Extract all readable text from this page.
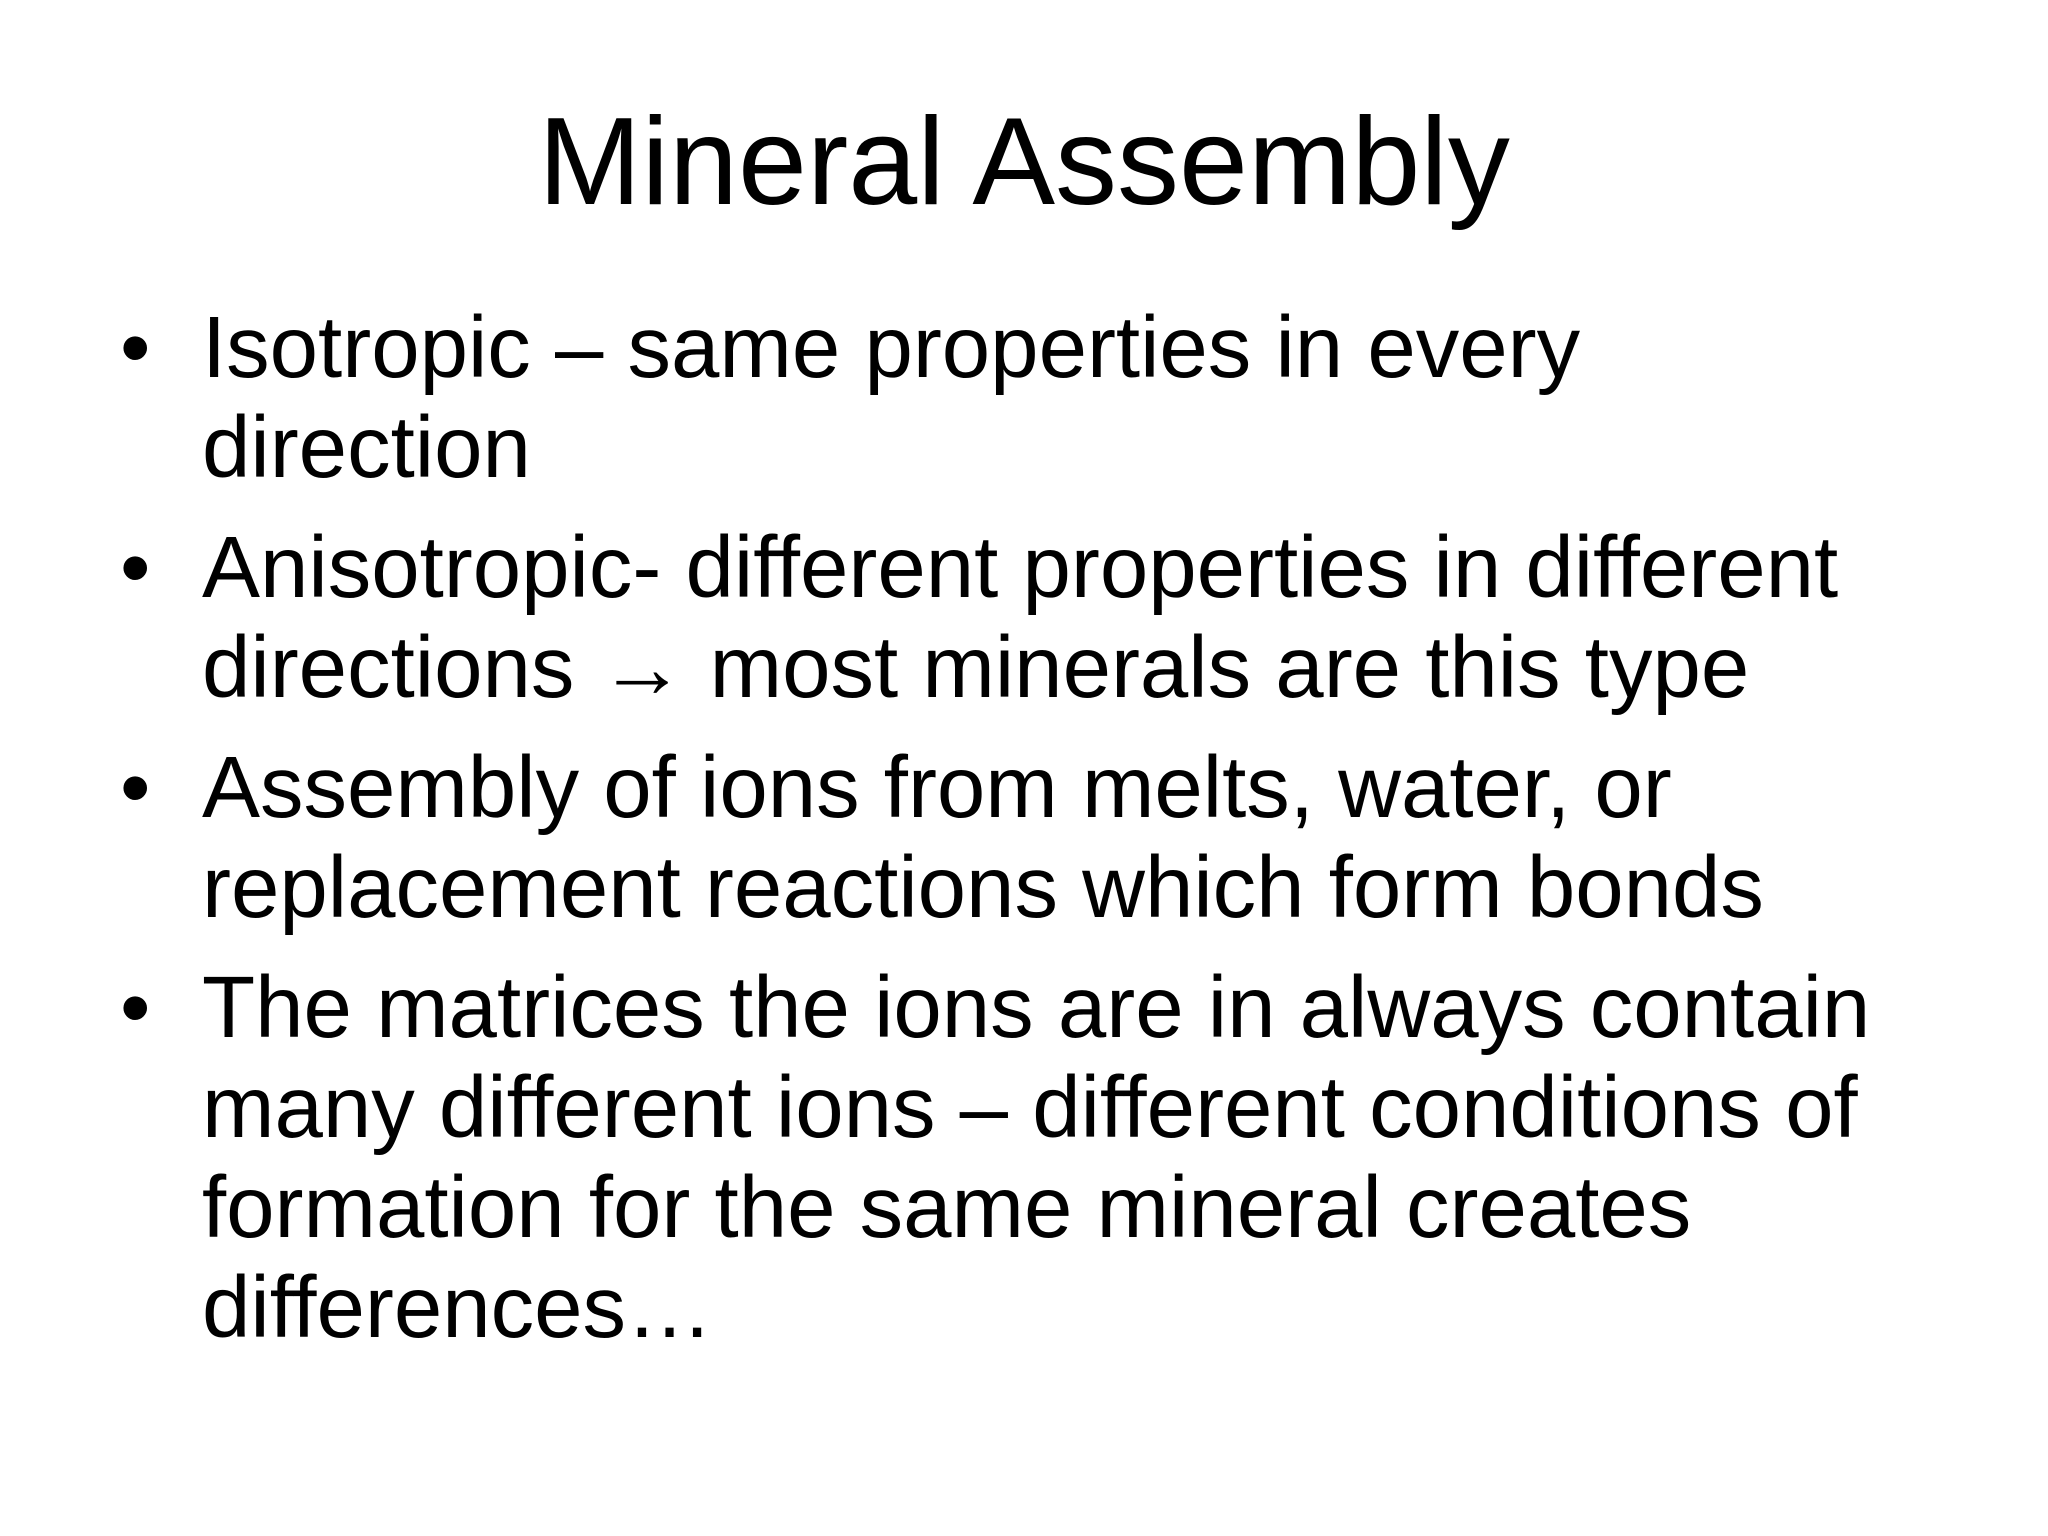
Mineral Assembly
• Isotropic – same properties in every
direction
• Anisotropic- different properties in different
directions → most minerals are this type
• Assembly of ions from melts, water, or
replacement reactions which form bonds
• The matrices the ions are in always contain
many different ions – different conditions of
formation for the same mineral creates
differences…
